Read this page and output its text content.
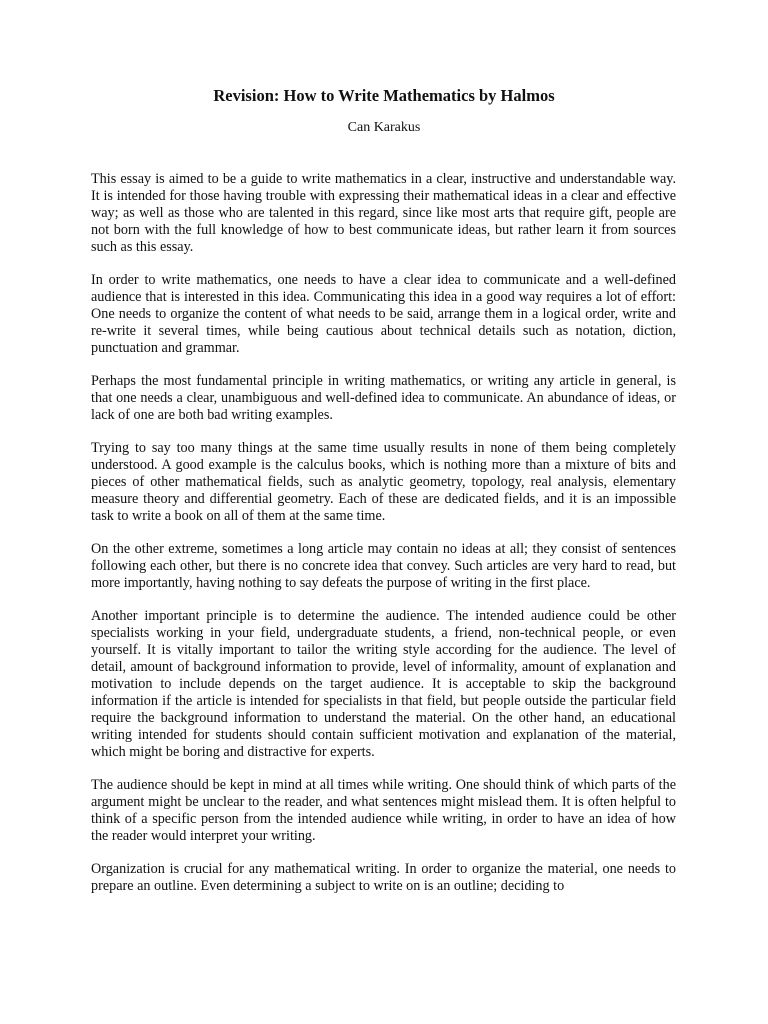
Revision: How to Write Mathematics by Halmos
Can Karakus

This essay is aimed to be a guide to write mathematics in a clear, instructive and understandable way. It is intended for those having trouble with expressing their mathematical ideas in a clear and effective way; as well as those who are talented in this regard, since like most arts that require gift, people are not born with the full knowledge of how to best communicate ideas, but rather learn it from sources such as this essay.

In order to write mathematics, one needs to have a clear idea to communicate and a well-defined audience that is interested in this idea. Communicating this idea in a good way requires a lot of effort: One needs to organize the content of what needs to be said, arrange them in a logical order, write and re-write it several times, while being cautious about technical details such as notation, diction, punctuation and grammar.

Perhaps the most fundamental principle in writing mathematics, or writing any article in general, is that one needs a clear, unambiguous and well-defined idea to communicate. An abundance of ideas, or lack of one are both bad writing examples.

Trying to say too many things at the same time usually results in none of them being completely understood. A good example is the calculus books, which is nothing more than a mixture of bits and pieces of other mathematical fields, such as analytic geometry, topology, real analysis, elementary measure theory and differential geometry. Each of these are dedicated fields, and it is an impossible task to write a book on all of them at the same time.

On the other extreme, sometimes a long article may contain no ideas at all; they consist of sentences following each other, but there is no concrete idea that convey. Such articles are very hard to read, but more importantly, having nothing to say defeats the purpose of writing in the first place.

Another important principle is to determine the audience. The intended audience could be other specialists working in your field, undergraduate students, a friend, non-technical people, or even yourself. It is vitally important to tailor the writing style according for the audience. The level of detail, amount of background information to provide, level of informality, amount of explanation and motivation to include depends on the target audience. It is acceptable to skip the background information if the article is intended for specialists in that field, but people outside the particular field require the background information to understand the material. On the other hand, an educational writing intended for students should contain sufficient motivation and explanation of the material, which might be boring and distractive for experts.

The audience should be kept in mind at all times while writing. One should think of which parts of the argument might be unclear to the reader, and what sentences might mislead them. It is often helpful to think of a specific person from the intended audience while writing, in order to have an idea of how the reader would interpret your writing.

Organization is crucial for any mathematical writing. In order to organize the material, one needs to prepare an outline. Even determining a subject to write on is an outline; deciding to
